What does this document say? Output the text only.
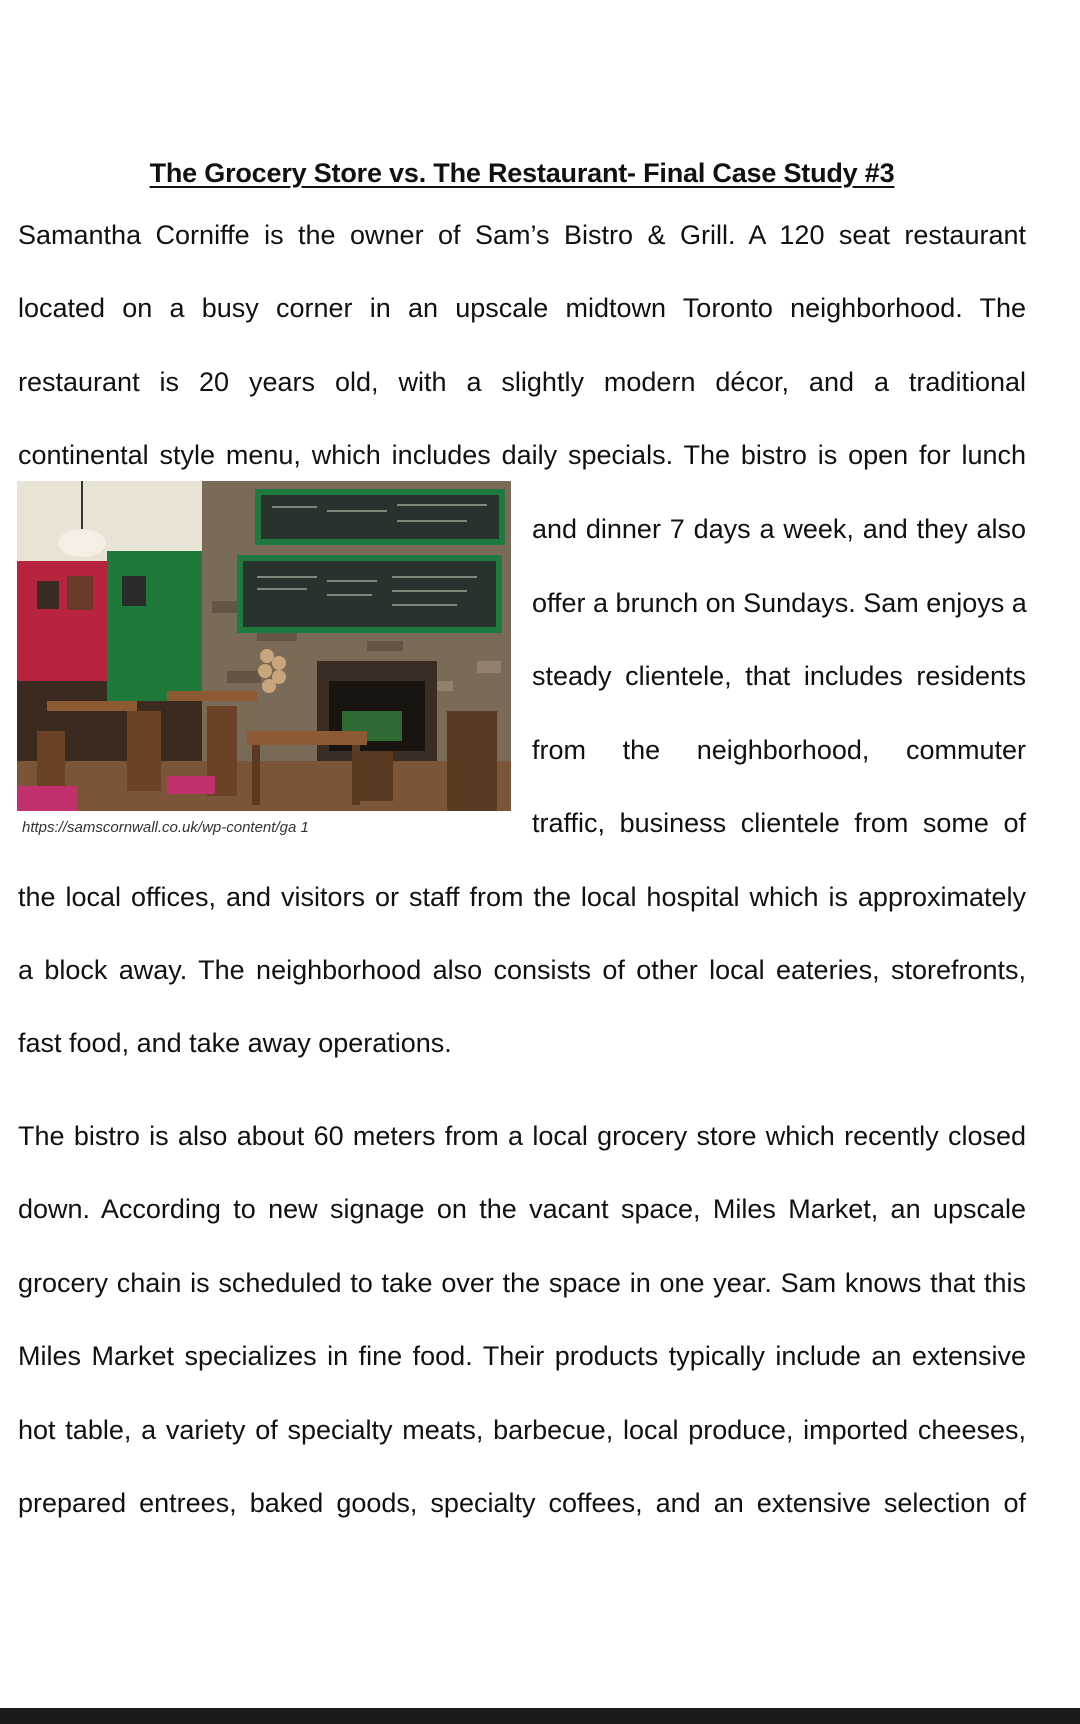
The Grocery Store vs. The Restaurant- Final Case Study #3
Samantha Corniffe is the owner of Sam’s Bistro & Grill. A 120 seat restaurant
located on a busy corner in an upscale midtown Toronto neighborhood. The
restaurant is 20 years old, with a slightly modern décor, and a traditional
continental style menu, which includes daily specials. The bistro is open for lunch
https://samscornwall.co.uk/wp-content/ga 1
and dinner 7 days a week, and they also
offer a brunch on Sundays. Sam enjoys a
steady clientele, that includes residents
from the neighborhood, commuter
traffic, business clientele from some of
the local offices, and visitors or staff from the local hospital which is approximately
a block away. The neighborhood also consists of other local eateries, storefronts,
fast food, and take away operations.
The bistro is also about 60 meters from a local grocery store which recently closed
down. According to new signage on the vacant space, Miles Market, an upscale
grocery chain is scheduled to take over the space in one year. Sam knows that this
Miles Market specializes in fine food. Their products typically include an extensive
hot table, a variety of specialty meats, barbecue, local produce, imported cheeses,
prepared entrees, baked goods, specialty coffees, and an extensive selection of
